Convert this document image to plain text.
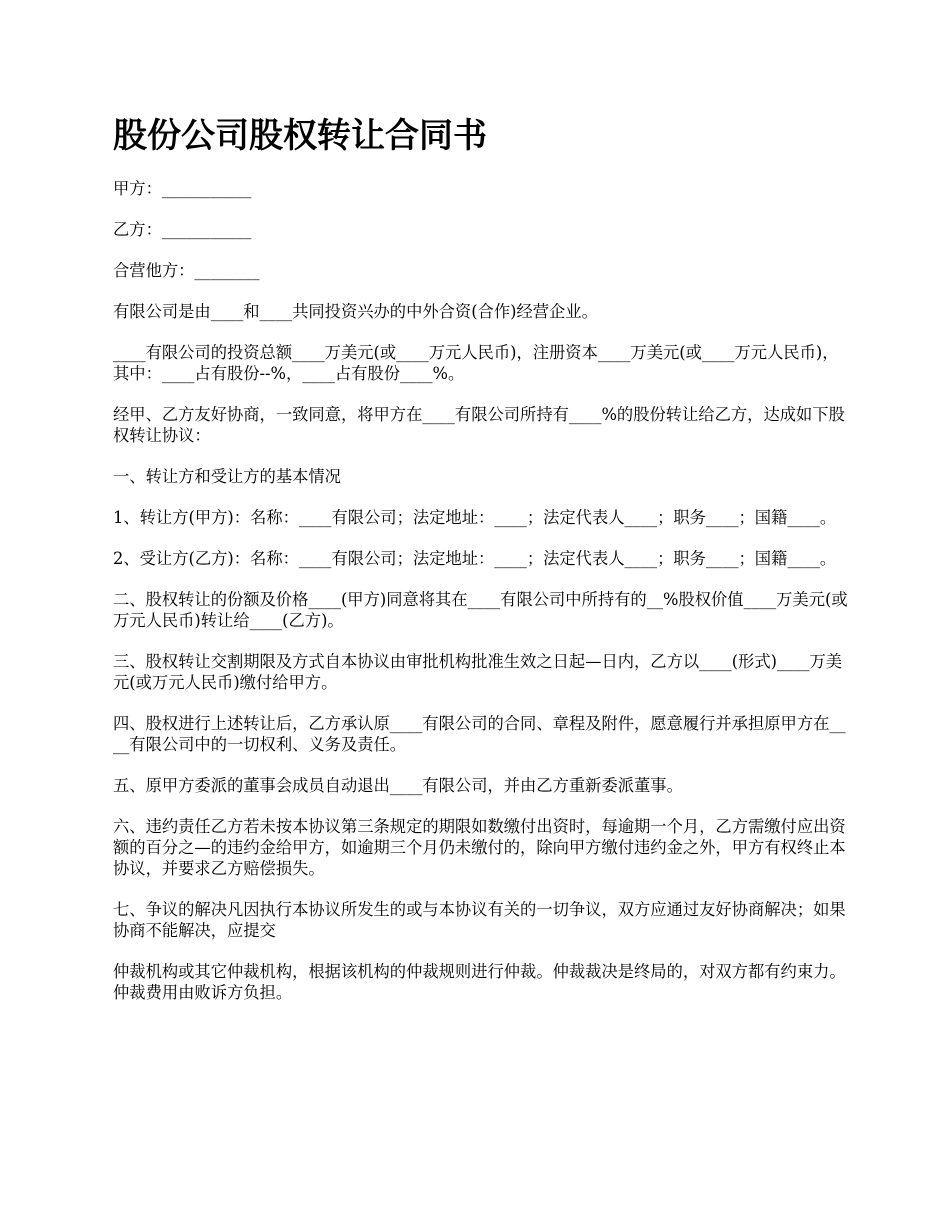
股份公司股权转让合同书

甲方：___________

乙方：___________

合营他方：________

有限公司是由____和____共同投资兴办的中外合资(合作)经营企业。

____有限公司的投资总额____万美元(或____万元人民币)，注册资本____万美元(或____万元人民币)，其中：____占有股份--%，____占有股份____%。

经甲、乙方友好协商，一致同意，将甲方在____有限公司所持有____%的股份转让给乙方，达成如下股权转让协议：

一、转让方和受让方的基本情况

1、转让方(甲方)：名称：____有限公司；法定地址：____；法定代表人____；职务____；国籍____。

2、受让方(乙方)：名称：____有限公司；法定地址：____；法定代表人____；职务____；国籍____。

二、股权转让的份额及价格____(甲方)同意将其在____有限公司中所持有的__%股权价值____万美元(或万元人民币)转让给____(乙方)。

三、股权转让交割期限及方式自本协议由审批机构批准生效之日起—日内，乙方以____(形式)____万美元(或万元人民币)缴付给甲方。

四、股权进行上述转让后，乙方承认原____有限公司的合同、章程及附件，愿意履行并承担原甲方在____有限公司中的一切权利、义务及责任。

五、原甲方委派的董事会成员自动退出____有限公司，并由乙方重新委派董事。

六、违约责任乙方若未按本协议第三条规定的期限如数缴付出资时，每逾期一个月，乙方需缴付应出资额的百分之—的违约金给甲方，如逾期三个月仍未缴付的，除向甲方缴付违约金之外，甲方有权终止本协议，并要求乙方赔偿损失。

七、争议的解决凡因执行本协议所发生的或与本协议有关的一切争议，双方应通过友好协商解决；如果协商不能解决，应提交

仲裁机构或其它仲裁机构，根据该机构的仲裁规则进行仲裁。仲裁裁决是终局的，对双方都有约束力。仲裁费用由败诉方负担。
